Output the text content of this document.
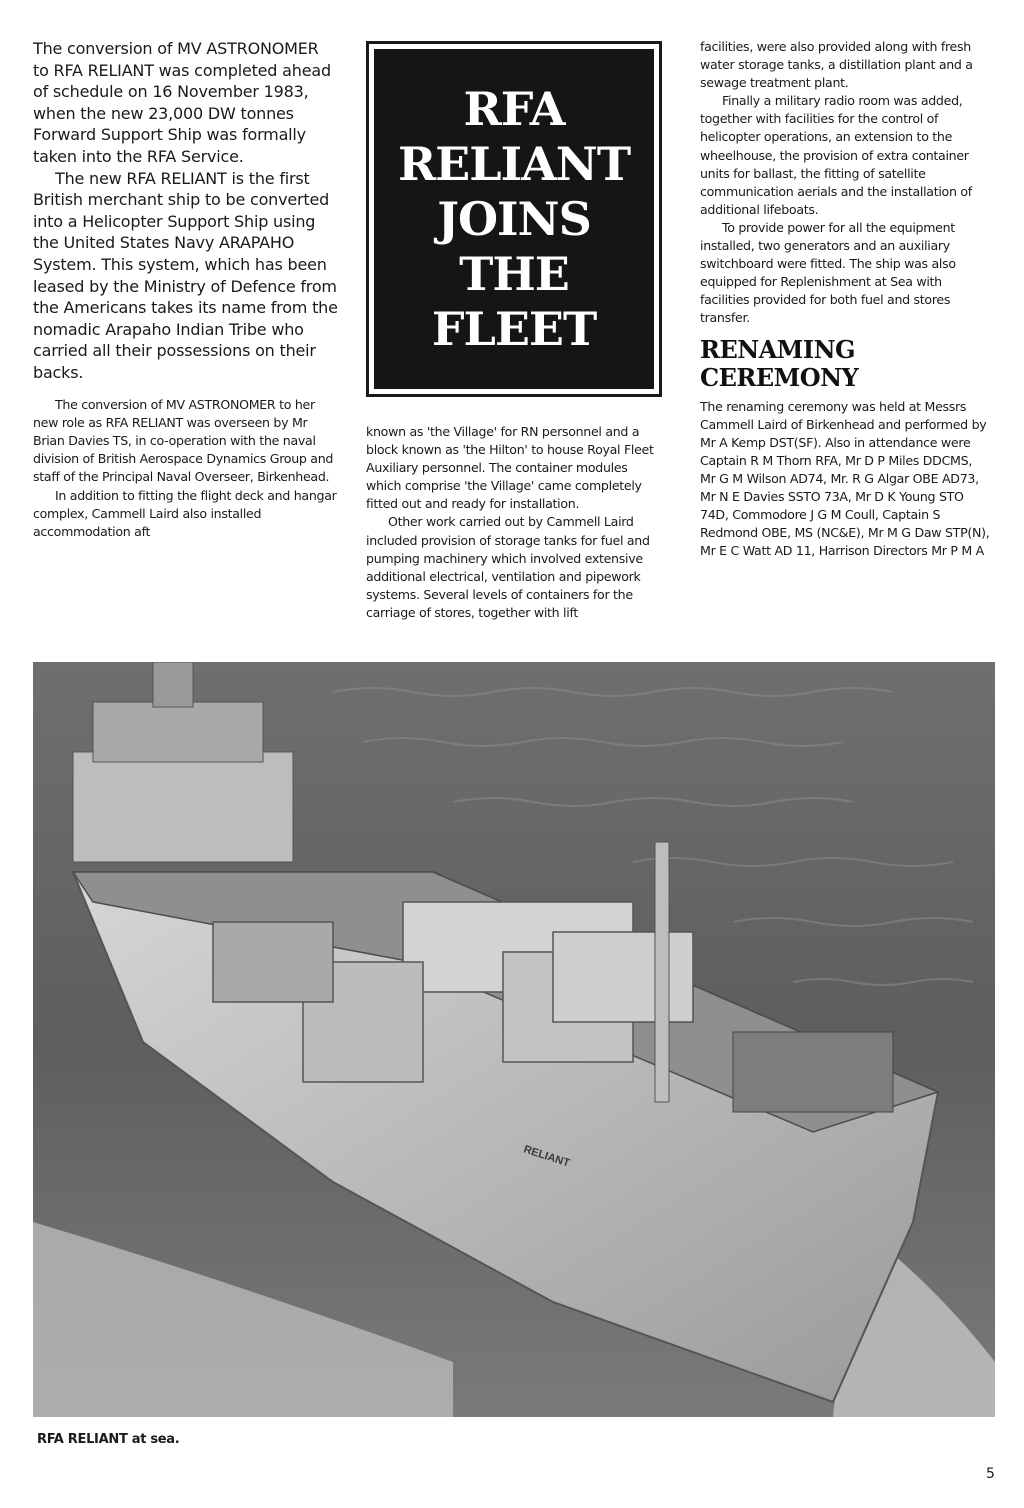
The conversion of MV ASTRONOMER to RFA RELIANT was completed ahead of schedule on 16 November 1983, when the new 23,000 DW tonnes Forward Support Ship was formally taken into the RFA Service.

The new RFA RELIANT is the first British merchant ship to be converted into a Helicopter Support Ship using the United States Navy ARAPAHO System. This system, which has been leased by the Ministry of Defence from the Americans takes its name from the nomadic Arapaho Indian Tribe who carried all their possessions on their backs.

The conversion of MV ASTRONOMER to her new role as RFA RELIANT was overseen by Mr Brian Davies TS, in co-operation with the naval division of British Aerospace Dynamics Group and staff of the Principal Naval Overseer, Birkenhead.

In addition to fitting the flight deck and hangar complex, Cammell Laird also installed accommodation aft

RFA
RELIANT
JOINS
THE
FLEET

known as 'the Village' for RN personnel and a block known as 'the Hilton' to house Royal Fleet Auxiliary personnel. The container modules which comprise 'the Village' came completely fitted out and ready for installation.

Other work carried out by Cammell Laird included provision of storage tanks for fuel and pumping machinery which involved extensive additional electrical, ventilation and pipework systems. Several levels of containers for the carriage of stores, together with lift

facilities, were also provided along with fresh water storage tanks, a distillation plant and a sewage treatment plant.

Finally a military radio room was added, together with facilities for the control of helicopter operations, an extension to the wheelhouse, the provision of extra container units for ballast, the fitting of satellite communication aerials and the installation of additional lifeboats.

To provide power for all the equipment installed, two generators and an auxiliary switchboard were fitted. The ship was also equipped for Replenishment at Sea with facilities provided for both fuel and stores transfer.

RENAMING
CEREMONY

The renaming ceremony was held at Messrs Cammell Laird of Birkenhead and performed by Mr A Kemp DST(SF). Also in attendance were Captain R M Thorn RFA, Mr D P Miles DDCMS, Mr G M Wilson AD74, Mr. R G Algar OBE AD73, Mr N E Davies SSTO 73A, Mr D K Young STO 74D, Commodore J G M Coull, Captain S Redmond OBE, MS (NC&E), Mr M G Daw STP(N), Mr E C Watt AD 11, Harrison Directors Mr P M A

RELIANT
RFA RELIANT at sea.
5
